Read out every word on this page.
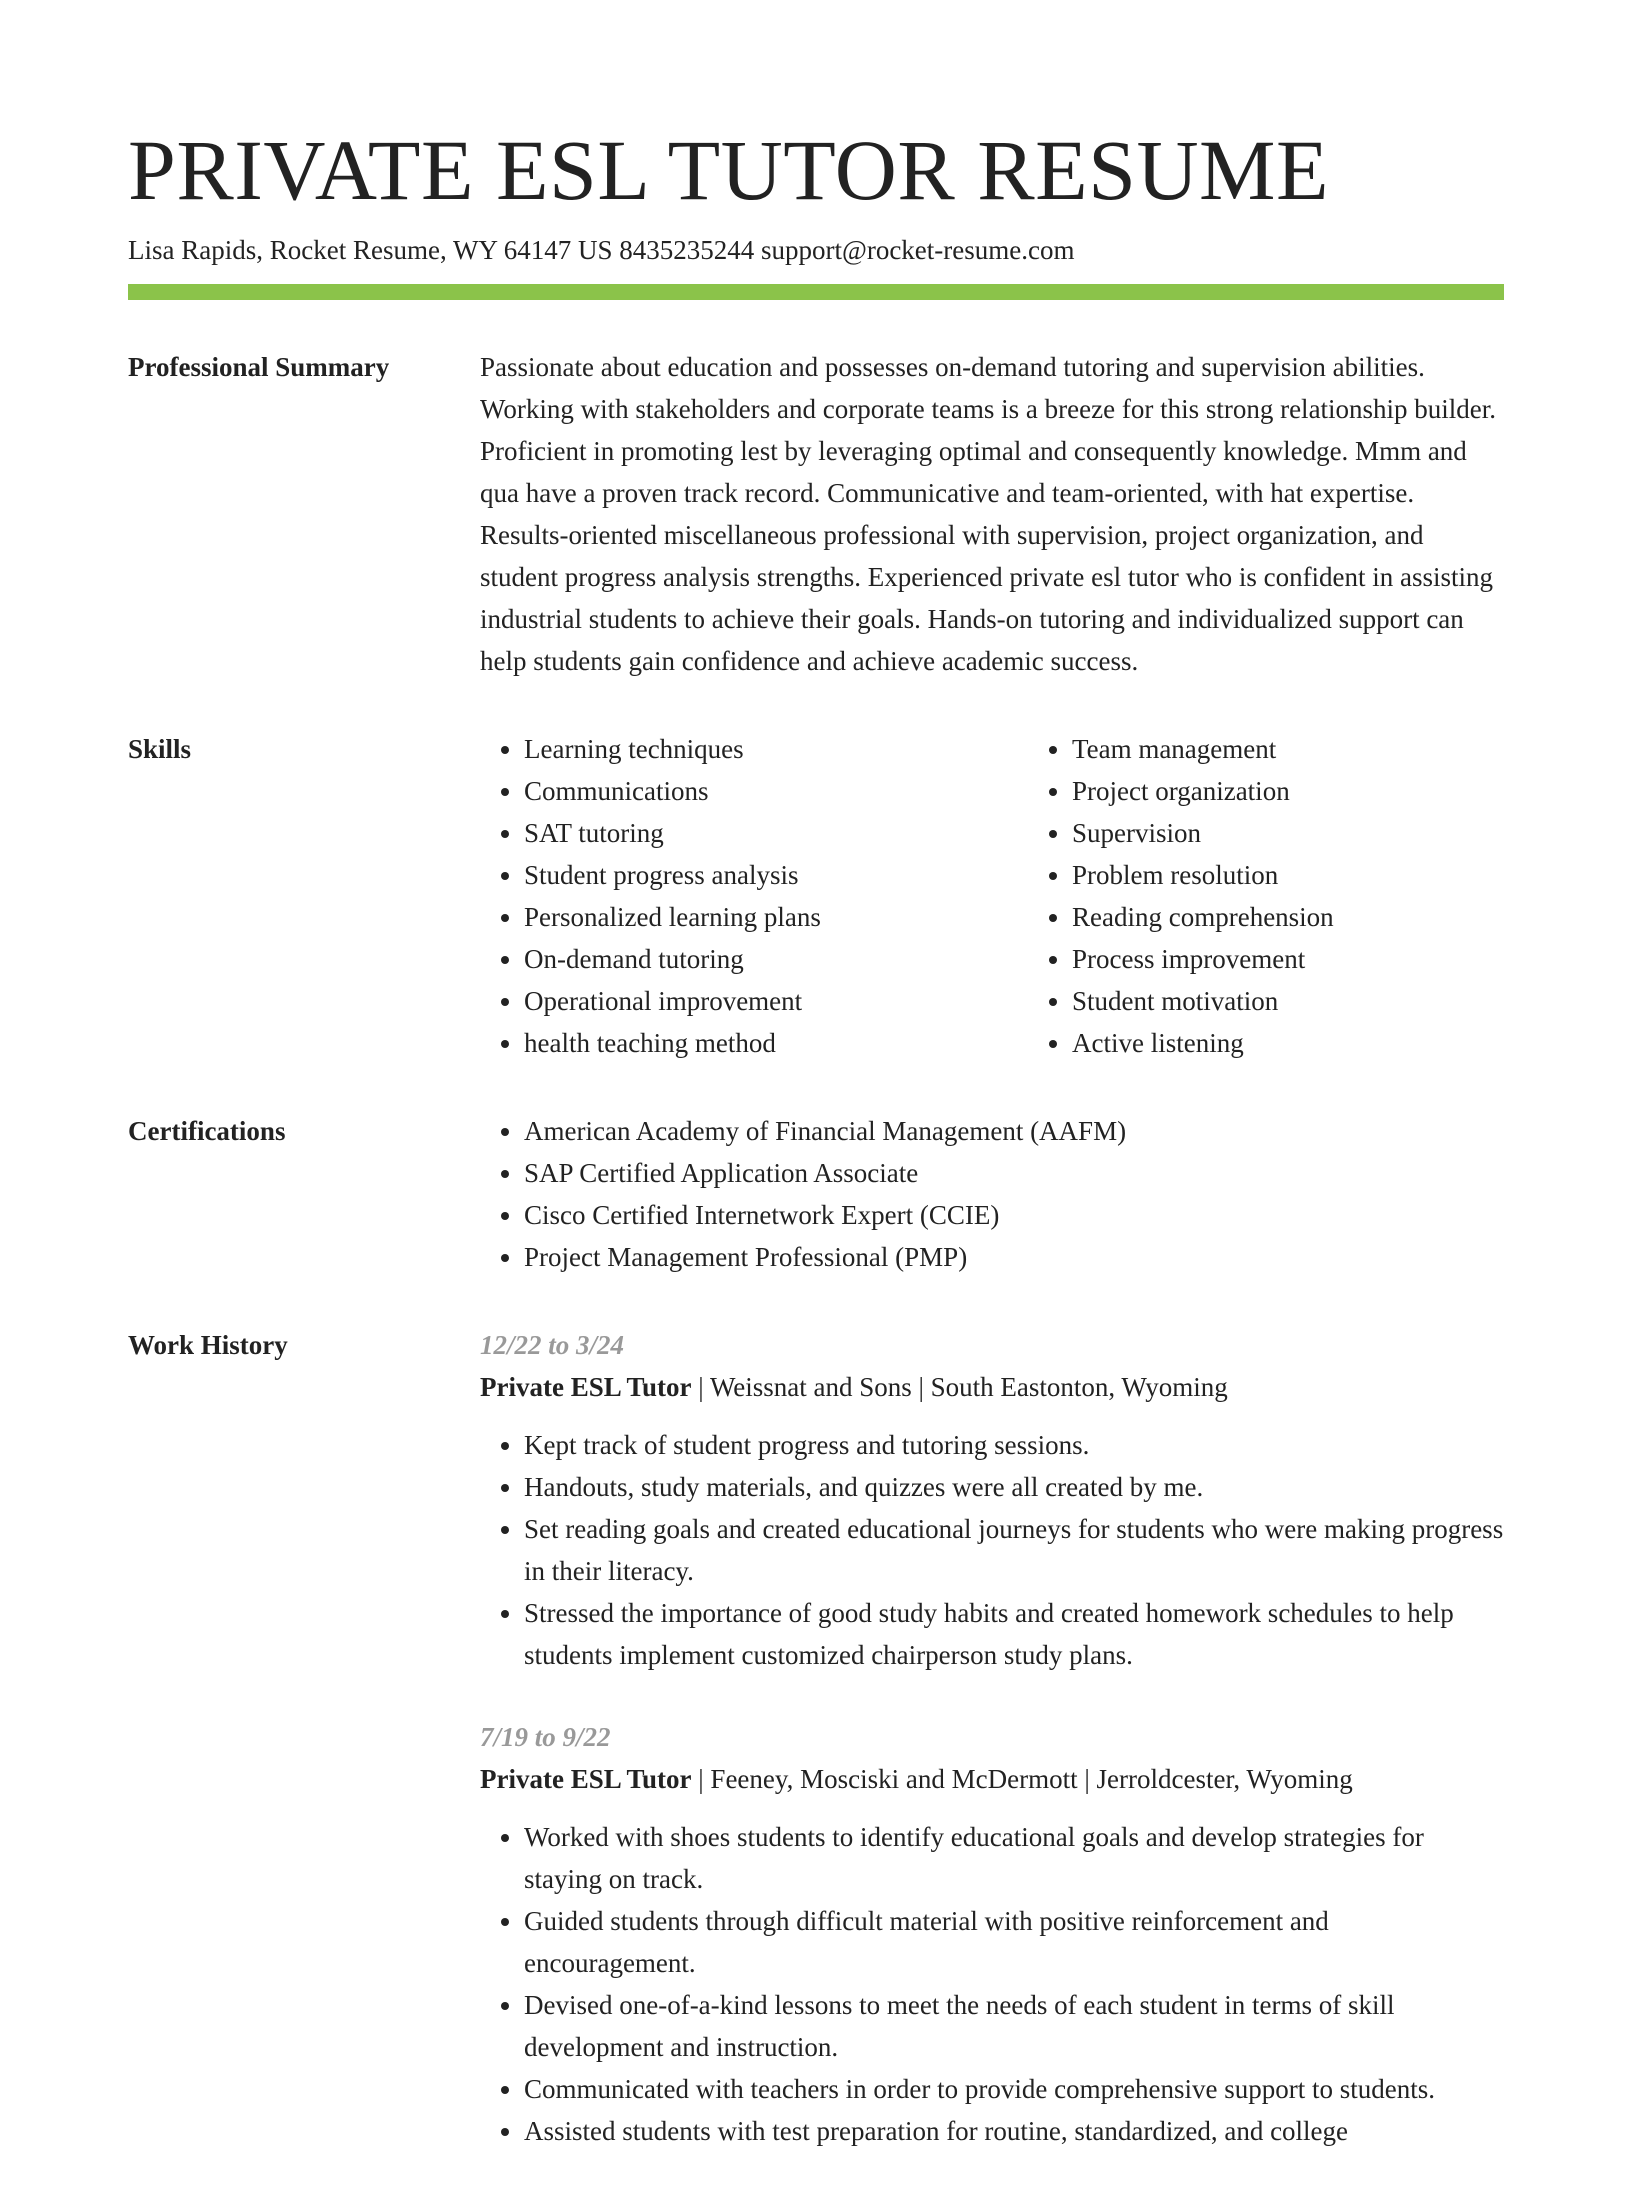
PRIVATE ESL TUTOR RESUME
Lisa Rapids, Rocket Resume, WY 64147 US 8435235244 support@rocket-resume.com
Professional Summary	Passionate about education and possesses on-demand tutoring and supervision abilities. Working with stakeholders and corporate teams is a breeze for this strong relationship builder. Proficient in promoting lest by leveraging optimal and consequently knowledge. Mmm and qua have a proven track record. Communicative and team-oriented, with hat expertise. Results-oriented miscellaneous professional with supervision, project organization, and student progress analysis strengths. Experienced private esl tutor who is confident in assisting industrial students to achieve their goals. Hands-on tutoring and individualized support can help students gain confidence and achieve academic success.

Skills	• Learning techniques
• Communications
• SAT tutoring
• Student progress analysis
• Personalized learning plans
• On-demand tutoring
• Operational improvement
• health teaching method
• Team management
• Project organization
• Supervision
• Problem resolution
• Reading comprehension
• Process improvement
• Student motivation
• Active listening
Certifications	• American Academy of Financial Management (AAFM)
• SAP Certified Application Associate
• Cisco Certified Internetwork Expert (CCIE)
• Project Management Professional (PMP)
Work History	12/22 to 3/24
Private ESL Tutor | Weissnat and Sons | South Eastonton, Wyoming
• Kept track of student progress and tutoring sessions.
• Handouts, study materials, and quizzes were all created by me.
• Set reading goals and created educational journeys for students who were making progress in their literacy.
• Stressed the importance of good study habits and created homework schedules to help students implement customized chairperson study plans.
7/19 to 9/22
Private ESL Tutor | Feeney, Mosciski and McDermott | Jerroldcester, Wyoming
• Worked with shoes students to identify educational goals and develop strategies for staying on track.
• Guided students through difficult material with positive reinforcement and encouragement.
• Devised one-of-a-kind lessons to meet the needs of each student in terms of skill development and instruction.
• Communicated with teachers in order to provide comprehensive support to students.
• Assisted students with test preparation for routine, standardized, and college
